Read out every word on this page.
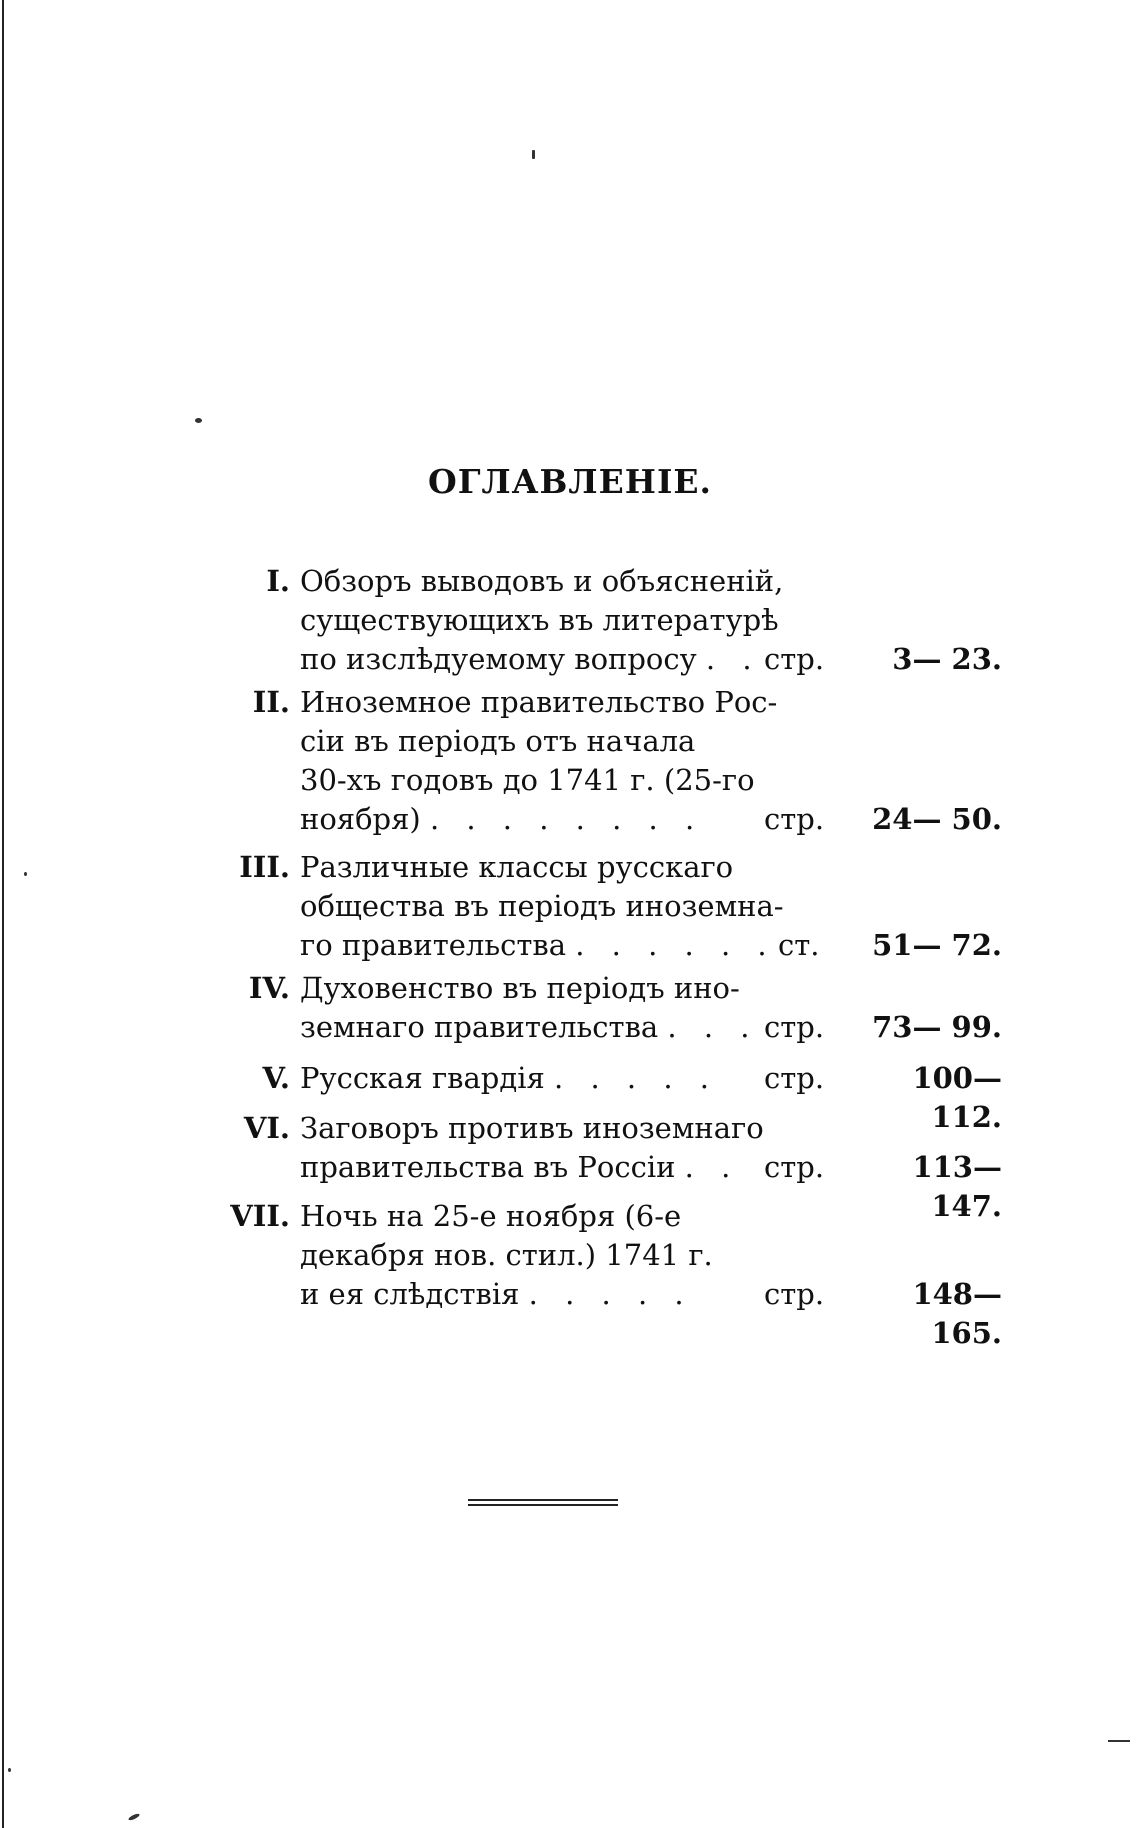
ОГЛАВЛЕНІЕ.
I. Обзоръ выводовъ и объясненій,
существующихъ въ литературѣ
по изслѣдуемому вопросу . . стр.	3— 23.
II. Иноземное правительство Рос-
сіи въ періодъ отъ начала
30-хъ годовъ до 1741 г. (25-го
ноября) . . . . . . . . стр.	24— 50.
III. Различные классы русскаго
общества въ періодъ иноземна-
го правительства . . . . . . ст.	51— 72.
IV. Духовенство въ періодъ ино-
земнаго правительства . . . стр.	73— 99.
V. Русская гвардія . . . . . стр.	100—112.
VI. Заговоръ противъ иноземнаго
правительства въ Россіи . . стр.	113—147.
VII. Ночь на 25-е ноября (6-е
декабря нов. стил.) 1741 г.
и ея слѣдствія . . . . . стр.	148—165.
